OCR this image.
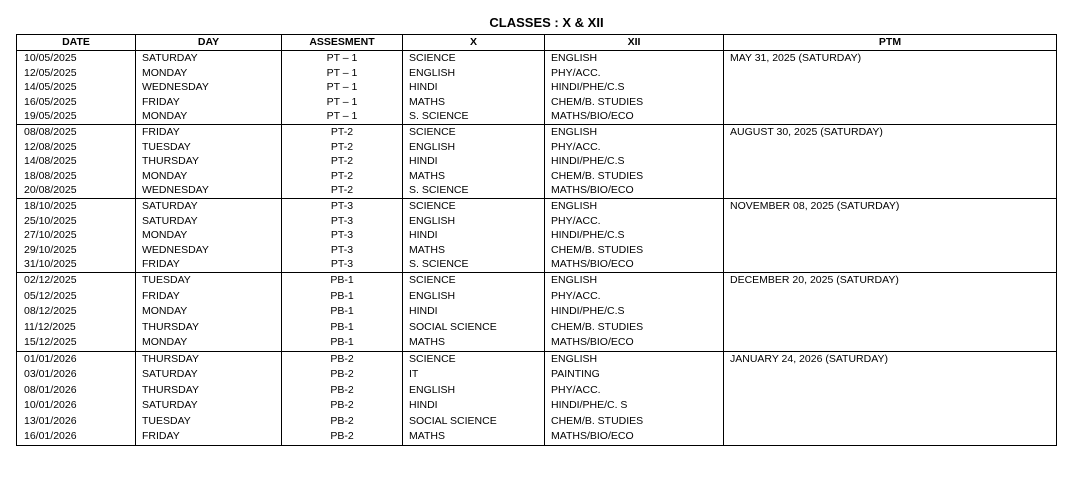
CLASSES : X & XII
DATE	DAY	ASSESMENT	X	XII	PTM
10/05/2025	SATURDAY	PT – 1	SCIENCE	ENGLISH	MAY 31, 2025 (SATURDAY)
12/05/2025	MONDAY	PT – 1	ENGLISH	PHY/ACC.	
14/05/2025	WEDNESDAY	PT – 1	HINDI	HINDI/PHE/C.S	
16/05/2025	FRIDAY	PT – 1	MATHS	CHEM/B. STUDIES	
19/05/2025	MONDAY	PT – 1	S. SCIENCE	MATHS/BIO/ECO	
08/08/2025	FRIDAY	PT-2	SCIENCE	ENGLISH	AUGUST 30, 2025 (SATURDAY)
12/08/2025	TUESDAY	PT-2	ENGLISH	PHY/ACC.	
14/08/2025	THURSDAY	PT-2	HINDI	HINDI/PHE/C.S	
18/08/2025	MONDAY	PT-2	MATHS	CHEM/B. STUDIES	
20/08/2025	WEDNESDAY	PT-2	S. SCIENCE	MATHS/BIO/ECO	
18/10/2025	SATURDAY	PT-3	SCIENCE	ENGLISH	NOVEMBER 08, 2025 (SATURDAY)
25/10/2025	SATURDAY	PT-3	ENGLISH	PHY/ACC.	
27/10/2025	MONDAY	PT-3	HINDI	HINDI/PHE/C.S	
29/10/2025	WEDNESDAY	PT-3	MATHS	CHEM/B. STUDIES	
31/10/2025	FRIDAY	PT-3	S. SCIENCE	MATHS/BIO/ECO	
02/12/2025	TUESDAY	PB-1	SCIENCE	ENGLISH	DECEMBER 20, 2025 (SATURDAY)
05/12/2025	FRIDAY	PB-1	ENGLISH	PHY/ACC.	
08/12/2025	MONDAY	PB-1	HINDI	HINDI/PHE/C.S	
11/12/2025	THURSDAY	PB-1	SOCIAL SCIENCE	CHEM/B. STUDIES	
15/12/2025	MONDAY	PB-1	MATHS	MATHS/BIO/ECO	
01/01/2026	THURSDAY	PB-2	SCIENCE	ENGLISH	JANUARY 24, 2026 (SATURDAY)
03/01/2026	SATURDAY	PB-2	IT	PAINTING	
08/01/2026	THURSDAY	PB-2	ENGLISH	PHY/ACC.	
10/01/2026	SATURDAY	PB-2	HINDI	HINDI/PHE/C. S	
13/01/2026	TUESDAY	PB-2	SOCIAL SCIENCE	CHEM/B. STUDIES	
16/01/2026	FRIDAY	PB-2	MATHS	MATHS/BIO/ECO	
